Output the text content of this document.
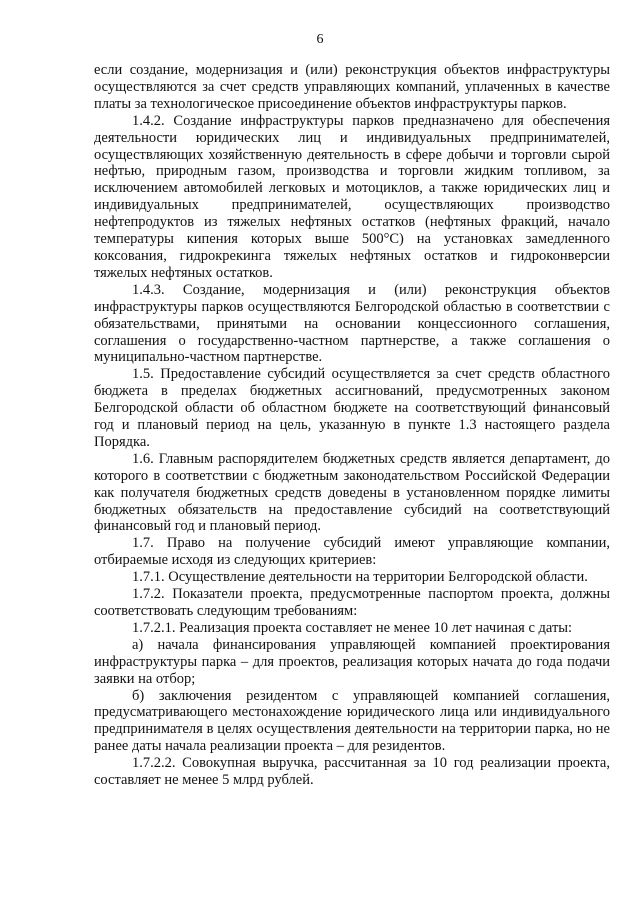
6

если создание, модернизация и (или) реконструкция объектов инфраструктуры осуществляются за счет средств управляющих компаний, уплаченных в качестве платы за технологическое присоединение объектов инфраструктуры парков.

1.4.2. Создание инфраструктуры парков предназначено для обеспечения деятельности юридических лиц и индивидуальных предпринимателей, осуществляющих хозяйственную деятельность в сфере добычи и торговли сырой нефтью, природным газом, производства и торговли жидким топливом, за исключением автомобилей легковых и мотоциклов, а также юридических лиц и индивидуальных предпринимателей, осуществляющих производство нефтепродуктов из тяжелых нефтяных остатков (нефтяных фракций, начало температуры кипения которых выше 500°С) на установках замедленного коксования, гидрокрекинга тяжелых нефтяных остатков и гидроконверсии тяжелых нефтяных остатков.

1.4.3. Создание, модернизация и (или) реконструкция объектов инфраструктуры парков осуществляются Белгородской областью в соответствии с обязательствами, принятыми на основании концессионного соглашения, соглашения о государственно-частном партнерстве, а также соглашения о муниципально-частном партнерстве.

1.5. Предоставление субсидий осуществляется за счет средств областного бюджета в пределах бюджетных ассигнований, предусмотренных законом Белгородской области об областном бюджете на соответствующий финансовый год и плановый период на цель, указанную в пункте 1.3 настоящего раздела Порядка.

1.6. Главным распорядителем бюджетных средств является департамент, до которого в соответствии с бюджетным законодательством Российской Федерации как получателя бюджетных средств доведены в установленном порядке лимиты бюджетных обязательств на предоставление субсидий на соответствующий финансовый год и плановый период.

1.7. Право на получение субсидий имеют управляющие компании, отбираемые исходя из следующих критериев:

1.7.1. Осуществление деятельности на территории Белгородской области.

1.7.2. Показатели проекта, предусмотренные паспортом проекта, должны соответствовать следующим требованиям:

1.7.2.1. Реализация проекта составляет не менее 10 лет начиная с даты:

а) начала финансирования управляющей компанией проектирования инфраструктуры парка – для проектов, реализация которых начата до года подачи заявки на отбор;

б) заключения резидентом с управляющей компанией соглашения, предусматривающего местонахождение юридического лица или индивидуального предпринимателя в целях осуществления деятельности на территории парка, но не ранее даты начала реализации проекта – для резидентов.

1.7.2.2. Совокупная выручка, рассчитанная за 10 год реализации проекта, составляет не менее 5 млрд рублей.
